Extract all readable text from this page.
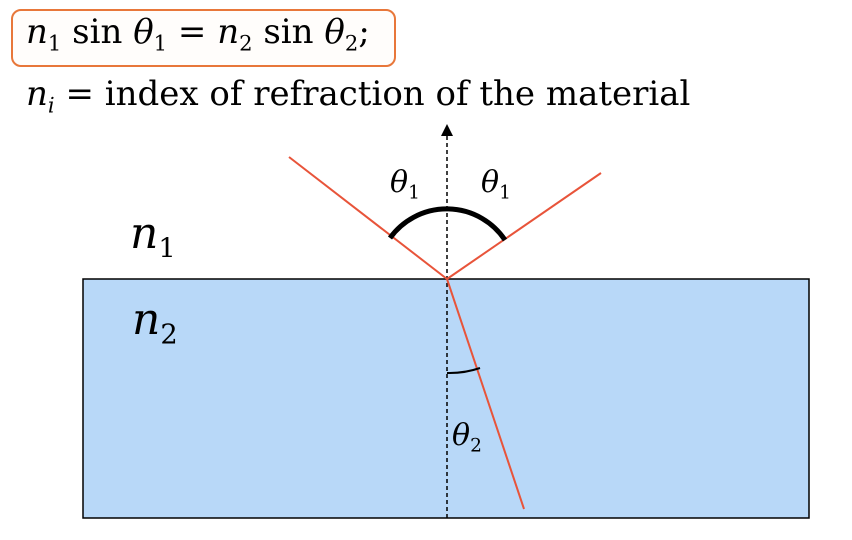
$n_1$ $\sin \theta_1 = n_2$ $\sin \theta_2$;
$n_i$ = index of refraction of the material
$n_1$
$n_2$
$\theta_1$ $\theta_1$
$\theta_2$
